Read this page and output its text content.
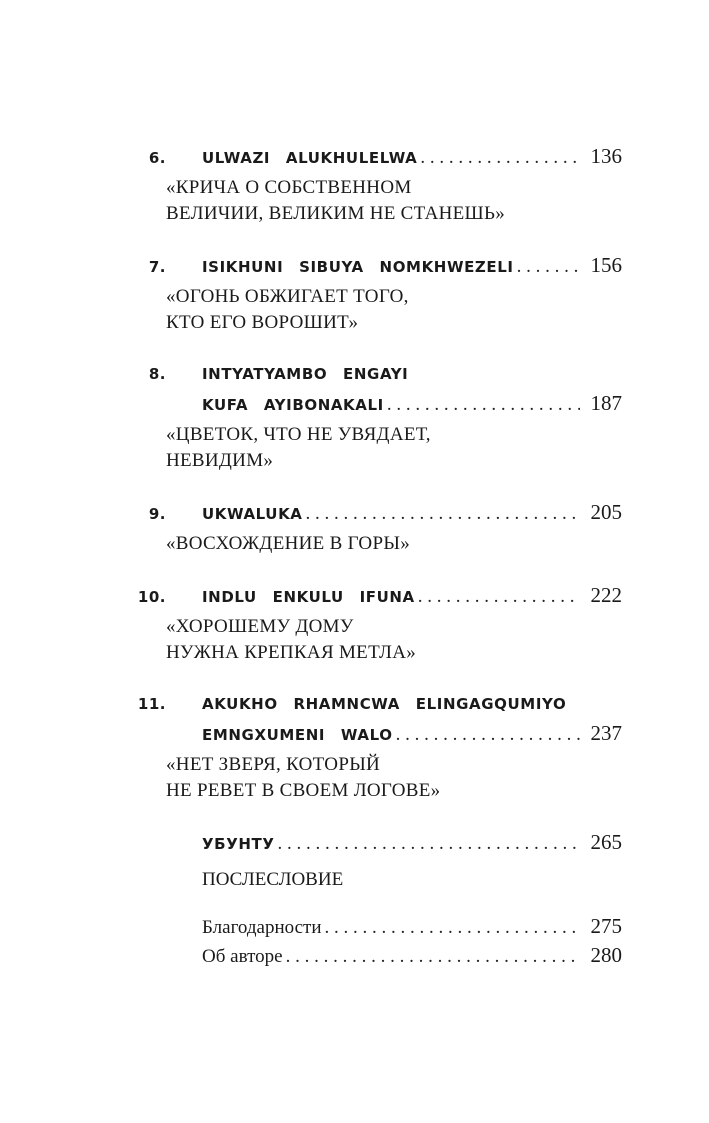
6. ULWAZI ALUKHULELWA . . .	136
«КРИЧА О СОБСТВЕННОМ
ВЕЛИЧИИ, ВЕЛИКИМ НЕ СТАНЕШЬ»
7. ISIKHUNI SIBUYA NOMKHWEZELI . . .	156
«ОГОНЬ ОБЖИГАЕТ ТОГО,
КТО ЕГО ВОРОШИТ»
8. INTYATYAMBO ENGAYI
KUFA AYIBONAKALI . . .	187
«ЦВЕТОК, ЧТО НЕ УВЯДАЕТ,
НЕВИДИМ»
9. UKWALUKA . . .	205
«ВОСХОЖДЕНИЕ В ГОРЫ»
10. INDLU ENKULU IFUNA . . .	222
«ХОРОШЕМУ ДОМУ
НУЖНА КРЕПКАЯ МЕТЛА»
11. AKUKHO RHAMNCWA ELINGAGQUMIYO
EMNGXUMENI WALO . . .	237
«НЕТ ЗВЕРЯ, КОТОРЫЙ
НЕ РЕВЕТ В СВОЕМ ЛОГОВЕ»
УБУНТУ . . .	265
ПОСЛЕСЛОВИЕ
Благодарности . . .	275
Об авторе . . .	280
